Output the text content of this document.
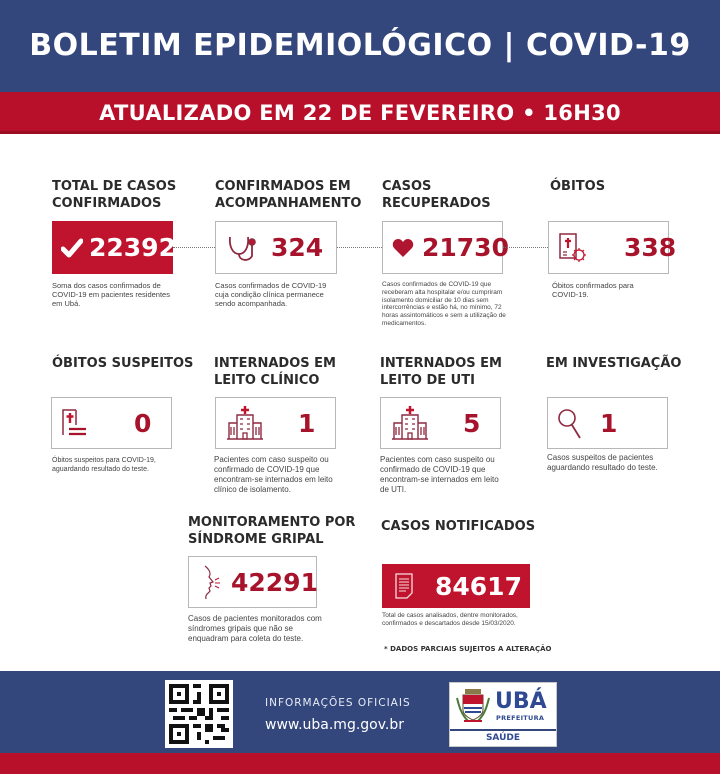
BOLETIM EPIDEMIOLÓGICO | COVID-19
ATUALIZADO EM 22 DE FEVEREIRO • 16H30
TOTAL DE CASOS
CONFIRMADOS
22392
Soma dos casos confirmados de COVID-19 em pacientes residentes em Ubá.
CONFIRMADOS EM
ACOMPANHAMENTO
324
Casos confirmados de COVID-19 cuja condição clínica permanece sendo acompanhada.
CASOS
RECUPERADOS
21730
Casos confirmados de COVID-19 que receberam alta hospitalar e/ou cumpriram isolamento domiciliar de 10 dias sem intercorrências e estão há, no mínimo, 72 horas assintomáticos e sem a utilização de medicamentos.
ÓBITOS
338
Óbitos confirmados para COVID-19.
ÓBITOS SUSPEITOS
0
Óbitos suspeitos para COVID-19, aguardando resultado do teste.
INTERNADOS EM
LEITO CLÍNICO
1
Pacientes com caso suspeito ou confirmado de COVID-19 que encontram-se internados em leito clínico de isolamento.
INTERNADOS EM
LEITO DE UTI
5
Pacientes com caso suspeito ou confirmado de COVID-19 que encontram-se internados em leito de UTI.
EM INVESTIGAÇÃO
1
Casos suspeitos de pacientes aguardando resultado do teste.
MONITORAMENTO POR
SÍNDROME GRIPAL
42291
Casos de pacientes monitorados com síndromes gripais que não se enquadram para coleta do teste.
CASOS NOTIFICADOS
84617
Total de casos analisados, dentre monitorados, confirmados e descartados desde 15/03/2020.
* DADOS PARCIAIS SUJEITOS A ALTERAÇÃO
INFORMAÇÕES OFICIAIS
www.uba.mg.gov.br
UBÁ
PREFEITURA
SAÚDE
